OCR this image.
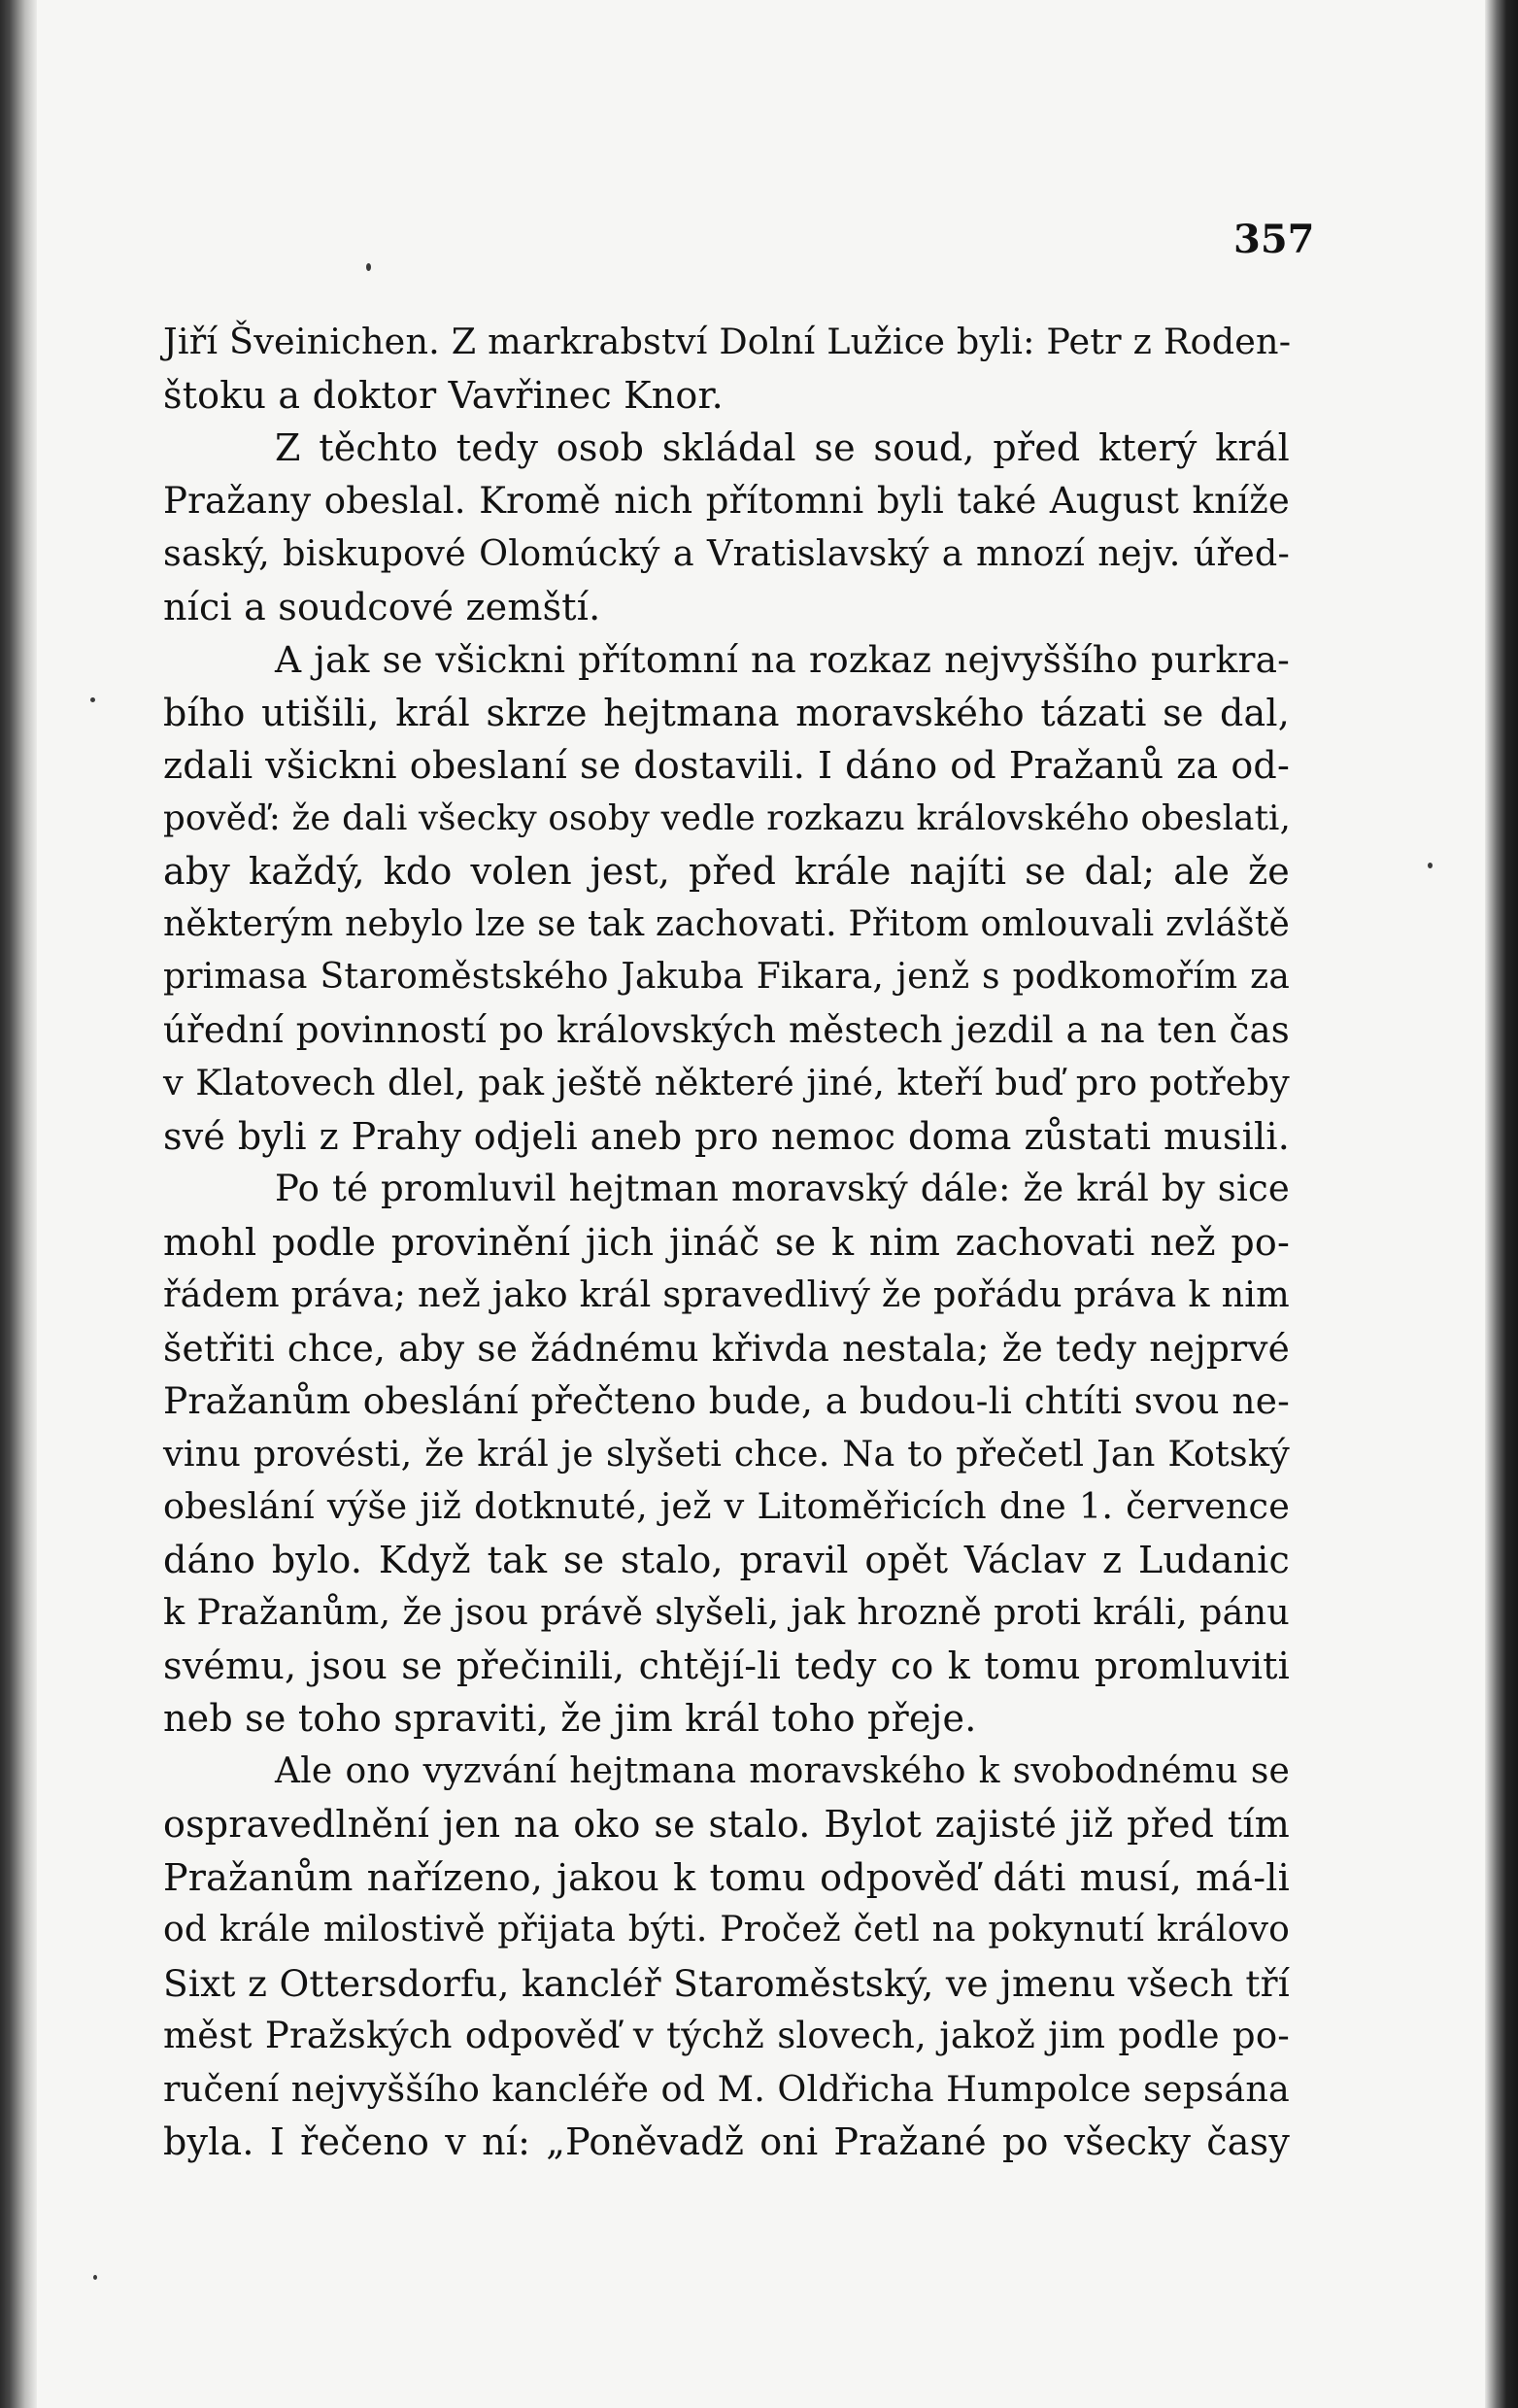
357
Jiří Šveinichen. Z markrabství Dolní Lužice byli: Petr z Roden-
štoku a doktor Vavřinec Knor.
Z těchto tedy osob skládal se soud, před který král
Pražany obeslal. Kromě nich přítomni byli také August kníže
saský, biskupové Olomúcký a Vratislavský a mnozí nejv. úřed-
níci a soudcové zemští.
A jak se všickni přítomní na rozkaz nejvyššího purkra-
bího utišili, král skrze hejtmana moravského tázati se dal,
zdali všickni obeslaní se dostavili. I dáno od Pražanů za od-
pověď: že dali všecky osoby vedle rozkazu královského obeslati,
aby každý, kdo volen jest, před krále najíti se dal; ale že
některým nebylo lze se tak zachovati. Přitom omlouvali zvláště
primasa Staroměstského Jakuba Fikara, jenž s podkomořím za
úřední povinností po královských městech jezdil a na ten čas
v Klatovech dlel, pak ještě některé jiné, kteří buď pro potřeby
své byli z Prahy odjeli aneb pro nemoc doma zůstati musili.
Po té promluvil hejtman moravský dále: že král by sice
mohl podle provinění jich jináč se k nim zachovati než po-
řádem práva; než jako král spravedlivý že pořádu práva k nim
šetřiti chce, aby se žádnému křivda nestala; že tedy nejprvé
Pražanům obeslání přečteno bude, a budou-li chtíti svou ne-
vinu provésti, že král je slyšeti chce. Na to přečetl Jan Kotský
obeslání výše již dotknuté, jež v Litoměřicích dne 1. července
dáno bylo. Když tak se stalo, pravil opět Václav z Ludanic
k Pražanům, že jsou právě slyšeli, jak hrozně proti králi, pánu
svému, jsou se přečinili, chtějí-li tedy co k tomu promluviti
neb se toho spraviti, že jim král toho přeje.
Ale ono vyzvání hejtmana moravského k svobodnému se
ospravedlnění jen na oko se stalo. Bylot zajisté již před tím
Pražanům nařízeno, jakou k tomu odpověď dáti musí, má-li
od krále milostivě přijata býti. Pročež četl na pokynutí královo
Sixt z Ottersdorfu, kancléř Staroměstský, ve jmenu všech tří
měst Pražských odpověď v týchž slovech, jakož jim podle po-
ručení nejvyššího kancléře od M. Oldřicha Humpolce sepsána
byla. I řečeno v ní: „Poněvadž oni Pražané po všecky časy
